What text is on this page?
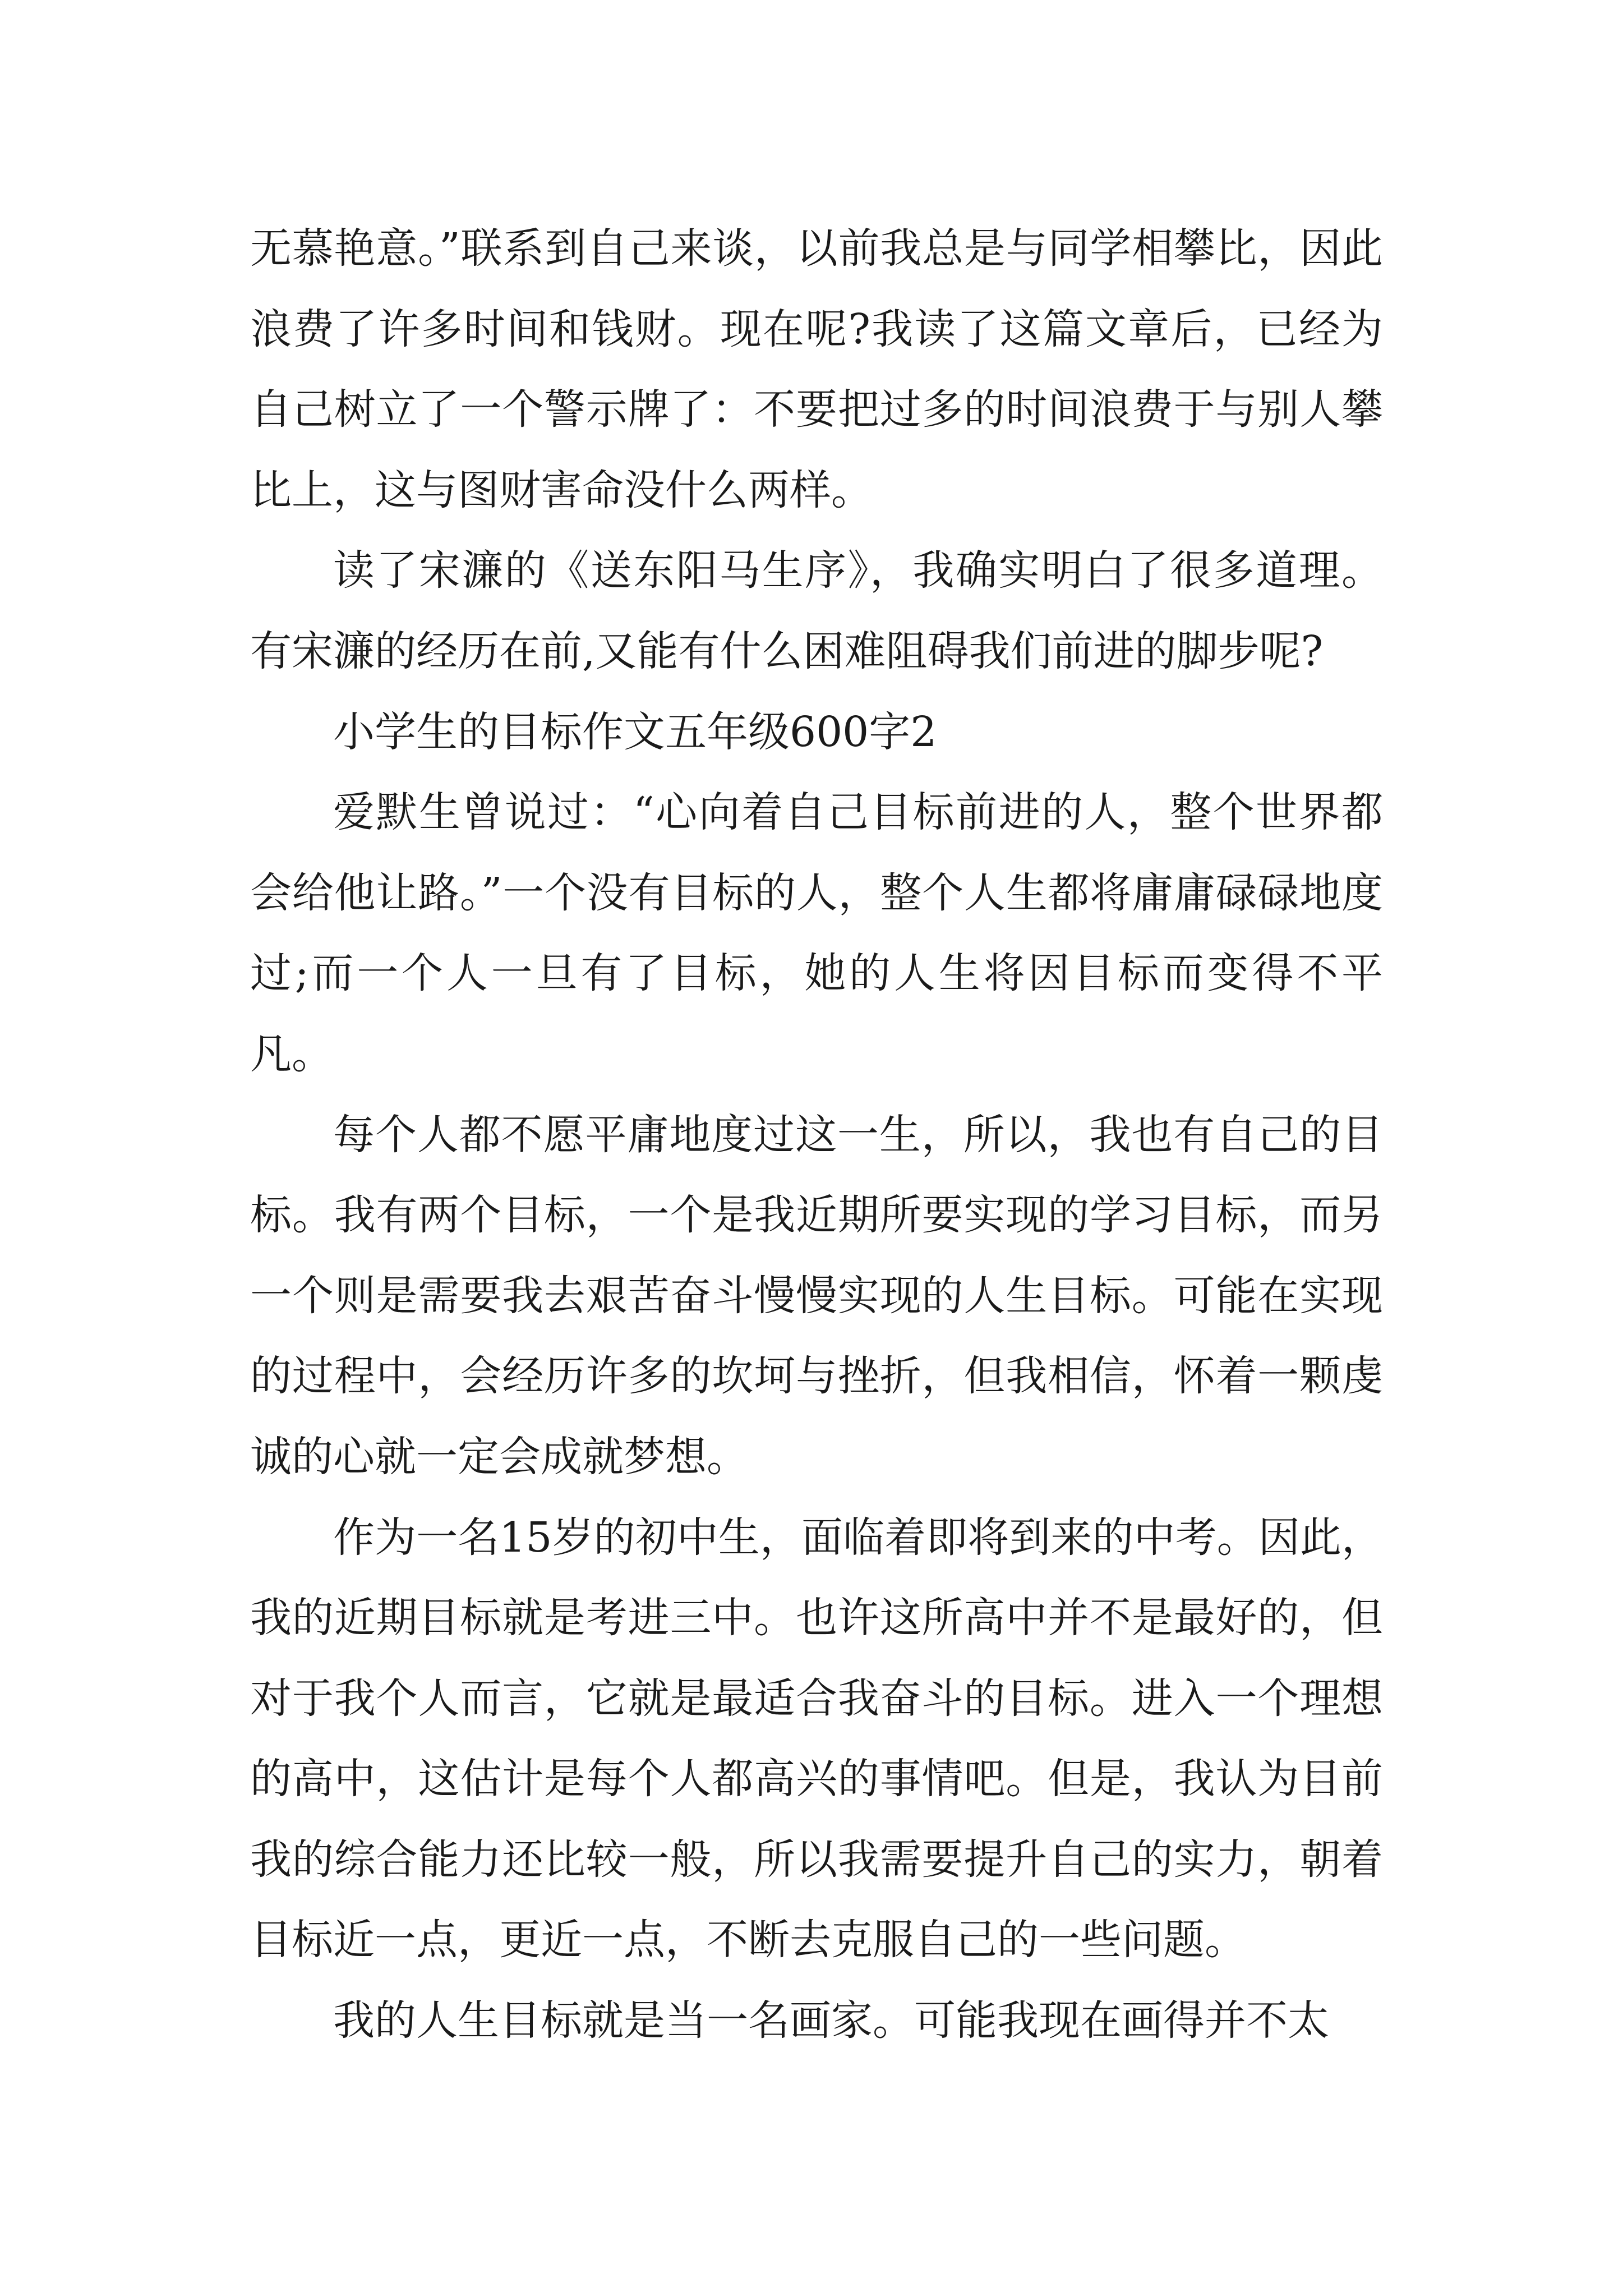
无慕艳意。”联系到自己来谈，以前我总是与同学相攀比，因此浪费了许多时间和钱财。现在呢?我读了这篇文章后，已经为自己树立了一个警示牌了：不要把过多的时间浪费于与别人攀比上，这与图财害命没什么两样。

读了宋濂的《送东阳马生序》，我确实明白了很多道理。有宋濂的经历在前,又能有什么困难阻碍我们前进的脚步呢?

小学生的目标作文五年级600字2

爱默生曾说过：“心向着自己目标前进的人，整个世界都会给他让路。”一个没有目标的人，整个人生都将庸庸碌碌地度过;而一个人一旦有了目标，她的人生将因目标而变得不平凡。

每个人都不愿平庸地度过这一生，所以，我也有自己的目标。我有两个目标，一个是我近期所要实现的学习目标，而另一个则是需要我去艰苦奋斗慢慢实现的人生目标。可能在实现的过程中，会经历许多的坎坷与挫折，但我相信，怀着一颗虔诚的心就一定会成就梦想。

作为一名15岁的初中生，面临着即将到来的中考。因此，我的近期目标就是考进三中。也许这所高中并不是最好的，但对于我个人而言，它就是最适合我奋斗的目标。进入一个理想的高中，这估计是每个人都高兴的事情吧。但是，我认为目前我的综合能力还比较一般，所以我需要提升自己的实力，朝着目标近一点，更近一点，不断去克服自己的一些问题。

我的人生目标就是当一名画家。可能我现在画得并不太
